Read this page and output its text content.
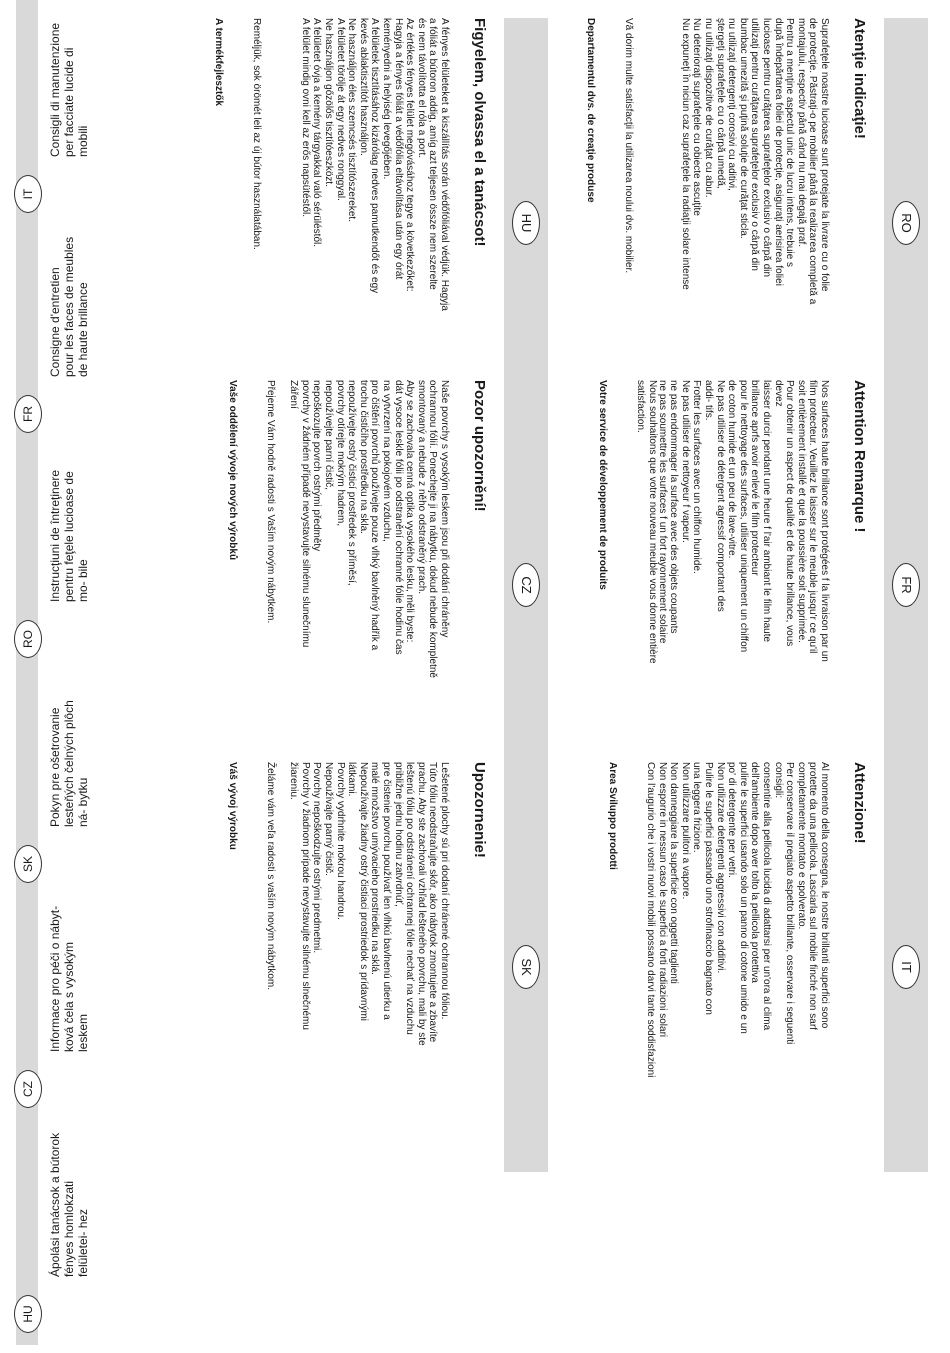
IT
Consigli di manutenzione per facciate lucide di mobili
FR
Consigne d'entretien pour les faces de meubles de haute brillance
RO
Instrucţiuni de întreţinere pentru feţele lucioase de mo- bile
SK
Pokyn pre ošetrovanie lesteňých čelných plôch ná- bytku
CZ
Informace pro péči o nábyt- ková čela s vysokým leskem
HU
Ápolási tanácsok a bútorok fényes homlokzati felületei- hez
IT
Attenzione!
Al momento della consegna, le nostre brillanti superfici sono
protette da una pellicola. Lasciarla sul mobile finché non sarf
completamente montato e spolverato.
Per conservare il pregiato aspetto brillante, osservare i seguenti
consigli:
consentire alla pellicola lucida di adattarsi per un'ora al clima
dell'ambiente dopo aver tolto la pellicola protettiva
pulire le superfici usando solo un panno di cotone umido e un
po' di detergente per vetri.
Non utilizzare detergenti aggressivi con additivi.
Pulire le superfici passando uno strofinaccio bagnato con
una leggera frizione.
Non utilizzare pulitori a vapore.
Non danneggiare la superficie con oggetti taglienti
Non esporre in nessun caso le superfici a forti radiazioni solari
Con l'augurio che i vostri nuovi mobili possano darvi tante soddisfazioni
Area Sviluppo prodotti
FR
Attention Remarque !
Nos surfaces haute brillance sont protégées f la livraison par un
film protecteur. Veuillez le laisser sur le meuble jusqu'r ce qu'il
soit entièrement installé et que la poussière soit supprimée.
Pour obtenir un aspect de qualité et de haute brillance, vous
devez
laisser durcir pendant une heure f l'air ambiant le film haute
brillance aprfs avoir enlevé le film protecteur
pour le nettoyage des surfaces, utiliser uniquement un chiffon
de coton humide et un peu de lave-vitre.
Ne pas utiliser de détergent agressif comportant des
addi- tifs.
Frotter les surfaces avec un chiffon humide.
Ne pas utiliser de nettoyeur f vapeur.
ne pas endommager la surface avec des objets coupants
ne pas soumettre les surfaces f un fort rayonnement solaire
Nous souhaitons que votre nouveau meuble vous donne entière
satisfaction.
Votre service de développement de produits
RO
Atenţie indicaţie!
Suprafeţele noastre lucioase sunt protejate la livrare cu o folie
de protecţie. Păstraţi-o pe mobilier până la realizarea completă a
montajului, respectiv până când nu mai degajă praf.
Pentru a menţine aspectul unic de lucru intens, trebuie s
după îndepărtarea foliei de protecţie, asiguraţi aerisirea foliei
lucioase pentru curăţarea suprafeţelor exclusiv o cârpă din
utilizaţi pentru curăţarea suprafeţelor exclusiv o cârpă din
bumbac umezită şi puţină soluţie de curăţat sticla.
nu utilizaţi detergenţi corosivi cu aditivi,
ştergeţi suprafeţele cu o cârpă umedă,
nu utilizaţi dispozitive de curăţat cu abur.
Nu deterioraţi suprafeţele cu obiecte ascuţite
Nu expuneţi în niciun caz suprafeţele la radiaţii solare intense
Vă dorim multe satisfacţii la utilizarea noului dvs. mobilier.
Departamentul dvs. de creaţie produse
SK
Upozornenie!
Lešetené plochy sú pri dodaní chránené ochrannou fóliou.
Túto fóliu neodstraňujte skôr, ako nábytok zmontujete a zbavíte
prachu. Aby ste zachovali vzhľad lešteného povrchu, mali by ste
leštenú fóliu po odstránení ochrannej fólie nechať na vzduchu
približne jednu hodinu zatvrdnúť,
pre čistenie povrchu používať len vlhkú bavlnenú utierku a
malé množstvo umývacieho prostriedku na sklá.
Nepoužívajte žiadny ostrý čistiaci prostriedok s prídavnými
látkami.
Povrchy vydrhnite mokrou handrou.
Nepoužívajte parný čistič.
Povrchy nepoškodzujte ostrými predmetmi.
Povrchy v žiadnom prípade nevystavujte silnému slnečnému
žiareniu.
Želáme vám veľa radosti s vaším novým nábytkom.
Váš vývoj výrobku
CZ
Pozor upozornění!
Naše povrchy s vysokým leskem jsou při dodání chráněny
ochrannou fólií. Ponechejte ji na nábytku, dokud nebude kompletně
smontovaný a nebude z něho odstraněný prach.
Aby se zachovala cenná optika vysokého lesku, měli byste:
dát vysoce leskle fólii po odstranění ochranné fólie hodinu čas
na vytvrzení na pokojovém vzduchu,
pro čištění povrchů používejte pouze vlhký bavlněný hadřík a
trochu čističího prostředku na skla.
nepoužívejte ostrý čisticí prostředek s příměsí,
povrchy otírejte mokrým hadrem,
nepoužívejte parní čistič,
nepoškozujte povrch ostrými předměty
povrchy v žádném případě nevystavujte silnému slunečnímu
Záření
Přejeme Vám hodně radosti s Vaším novým nábytkem.
Vaše oddělení vývoje nových výrobků
HU
Figyelem, olvassa el a tanácsot!
A fényes felületeket a kiszállítás során védőfóliával védjük. Hagyja
a fóliát a bútoron addig, amíg azt teljesen össze nem szerelte
és nem távolította el róla a port.
Az értékes fényes felület megóvásához tegye a következőket:
Hagyja a fényes fóliát a védőfólia eltávolítása után egy órát
keményedni a helyiség levegőjében.
A felületek tisztításához kizárólag nedves pamutkendőt és egy
kevés ablaktisztítót használjon.
Ne használjon éles szemcsés tisztítószereket.
A felületet törölje át egy nedves ronggyal.
Ne használjon gőzölős tisztítóeszközt.
A felületet óvja a kemény tárgyakkal való sérüléstől.
A felület mindig ovni kell az erős napsütéstől.
Reméljük, sok örömét leli az új bútor használatában.
A termékfejlesztők
